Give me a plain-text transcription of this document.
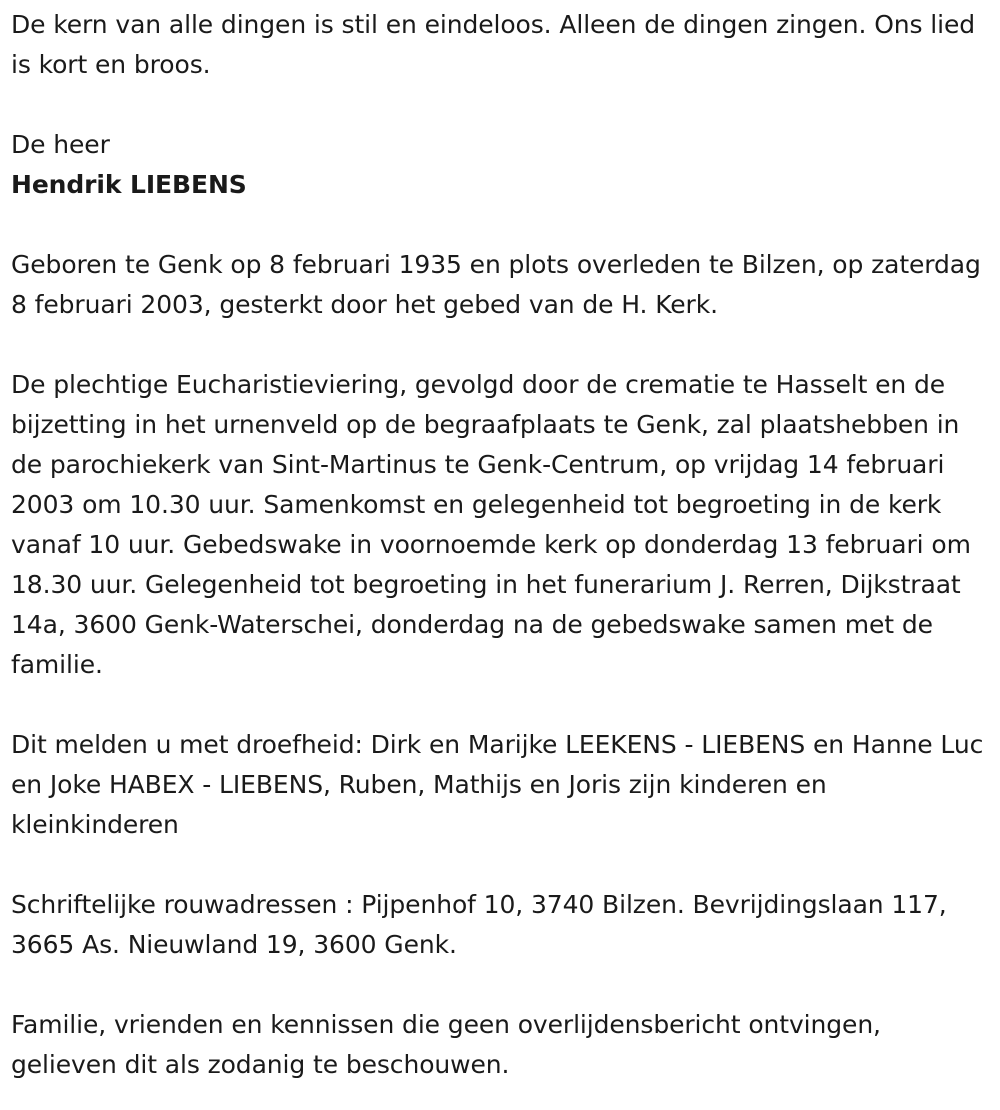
De kern van alle dingen is stil en eindeloos. Alleen de dingen zingen. Ons lied is kort en broos.

De heer

Hendrik LIEBENS

Geboren te Genk op 8 februari 1935 en plots overleden te Bilzen, op zaterdag 8 februari 2003, gesterkt door het gebed van de H. Kerk.

De plechtige Eucharistieviering, gevolgd door de crematie te Hasselt en de bijzetting in het urnenveld op de begraafplaats te Genk, zal plaatshebben in de parochiekerk van Sint-Martinus te Genk-Centrum, op vrijdag 14 februari 2003 om 10.30 uur. Samenkomst en gelegenheid tot begroeting in de kerk vanaf 10 uur. Gebedswake in voornoemde kerk op donderdag 13 februari om 18.30 uur. Gelegenheid tot begroeting in het funerarium J. Rerren, Dijkstraat 14a, 3600 Genk-Waterschei, donderdag na de gebedswake samen met de familie.

Dit melden u met droefheid: Dirk en Marijke LEEKENS - LIEBENS en Hanne Luc en Joke HABEX - LIEBENS, Ruben, Mathijs en Joris zijn kinderen en kleinkinderen

Schriftelijke rouwadressen : Pijpenhof 10, 3740 Bilzen. Bevrijdingslaan 117, 3665 As. Nieuwland 19, 3600 Genk.

Familie, vrienden en kennissen die geen overlijdensbericht ontvingen, gelieven dit als zodanig te beschouwen.
